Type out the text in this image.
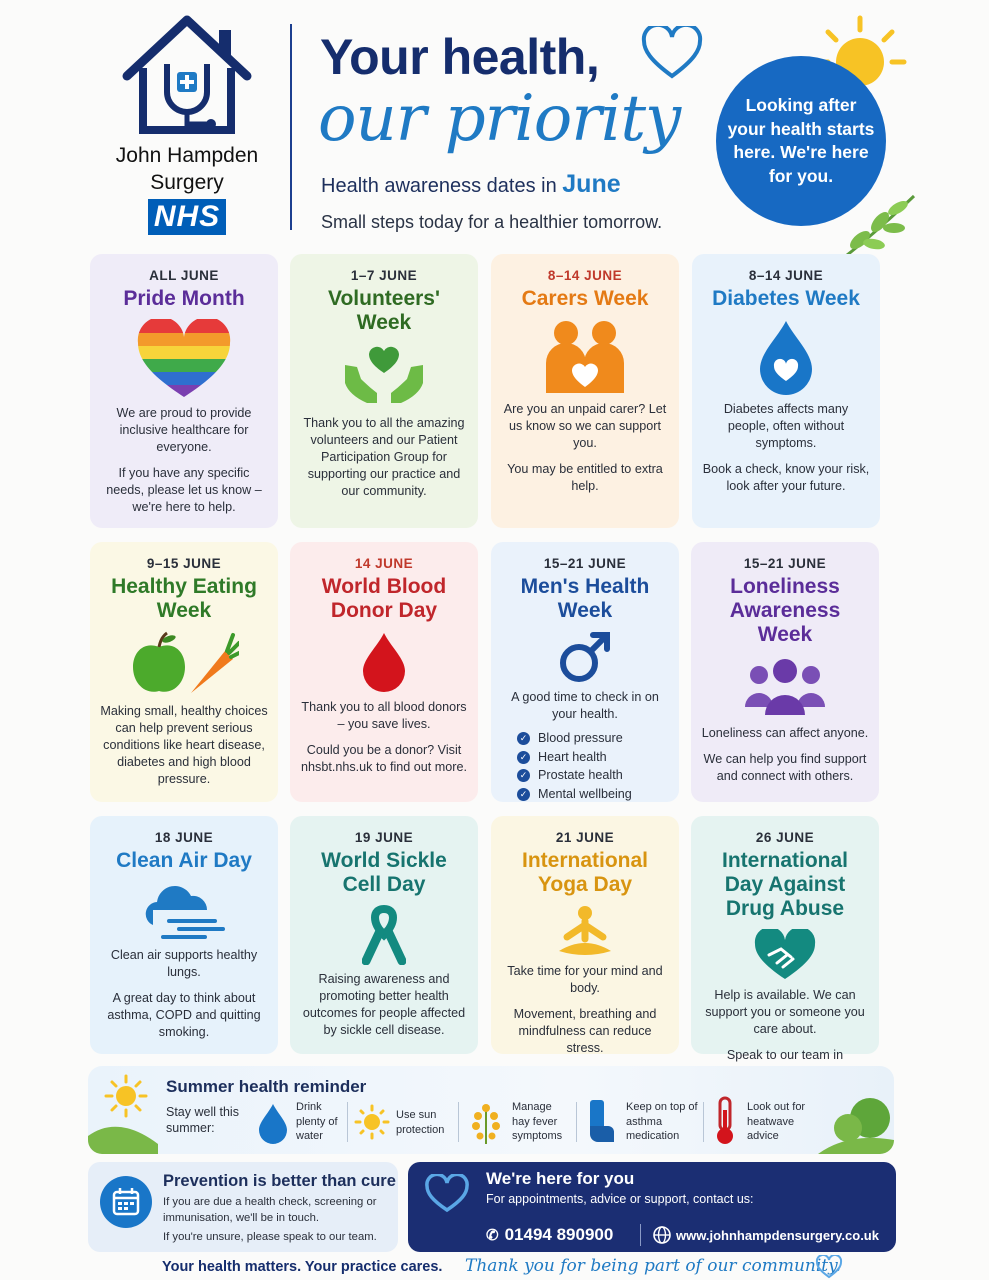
John Hampden
Surgery
NHS
Your health,
our priority
Health awareness dates in June
Small steps today for a healthier tomorrow.
Looking after your health starts here. We're here for you.
ALL JUNE
Pride Month

We are proud to provide inclusive healthcare for everyone.

If you have any specific needs, please let us know – we're here to help.

1–7 JUNE
Volunteers' Week

Thank you to all the amazing volunteers and our Patient Participation Group for supporting our practice and our community.

8–14 JUNE
Carers Week

Are you an unpaid carer? Let us know so we can support you.

You may be entitled to extra help.

8–14 JUNE
Diabetes Week

Diabetes affects many people, often without symptoms.

Book a check, know your risk, look after your future.

9–15 JUNE
Healthy Eating Week

Making small, healthy choices can help prevent serious conditions like heart disease, diabetes and high blood pressure.

14 JUNE
World Blood Donor Day

Thank you to all blood donors – you save lives.

Could you be a donor? Visit nhsbt.nhs.uk to find out more.

15–21 JUNE
Men's Health Week

A good time to check in on your health.

✓ Blood pressure
✓ Heart health
✓ Prostate health
✓ Mental wellbeing
15–21 JUNE
Loneliness Awareness Week

Loneliness can affect anyone.

We can help you find support and connect with others.

18 JUNE
Clean Air Day

Clean air supports healthy lungs.

A great day to think about asthma, COPD and quitting smoking.

19 JUNE
World Sickle Cell Day

Raising awareness and promoting better health outcomes for people affected by sickle cell disease.

21 JUNE
International Yoga Day

Take time for your mind and body.

Movement, breathing and mindfulness can reduce stress.

26 JUNE
International Day Against Drug Abuse

Help is available. We can support you or someone you care about.

Speak to our team in

Summer health reminder
Stay well this summer:
Drink plenty of water
Use sun protection
Manage hay fever symptoms
Keep on top of asthma medication
Look out for heatwave advice
Prevention is better than cure

If you are due a health check, screening or immunisation, we'll be in touch.

If you're unsure, please speak to our team.

We're here for you
For appointments, advice or support, contact us:
✆ 01494 890900	www.johnhampdensurgery.co.uk
Your health matters. Your practice cares. Thank you for being part of our community.
